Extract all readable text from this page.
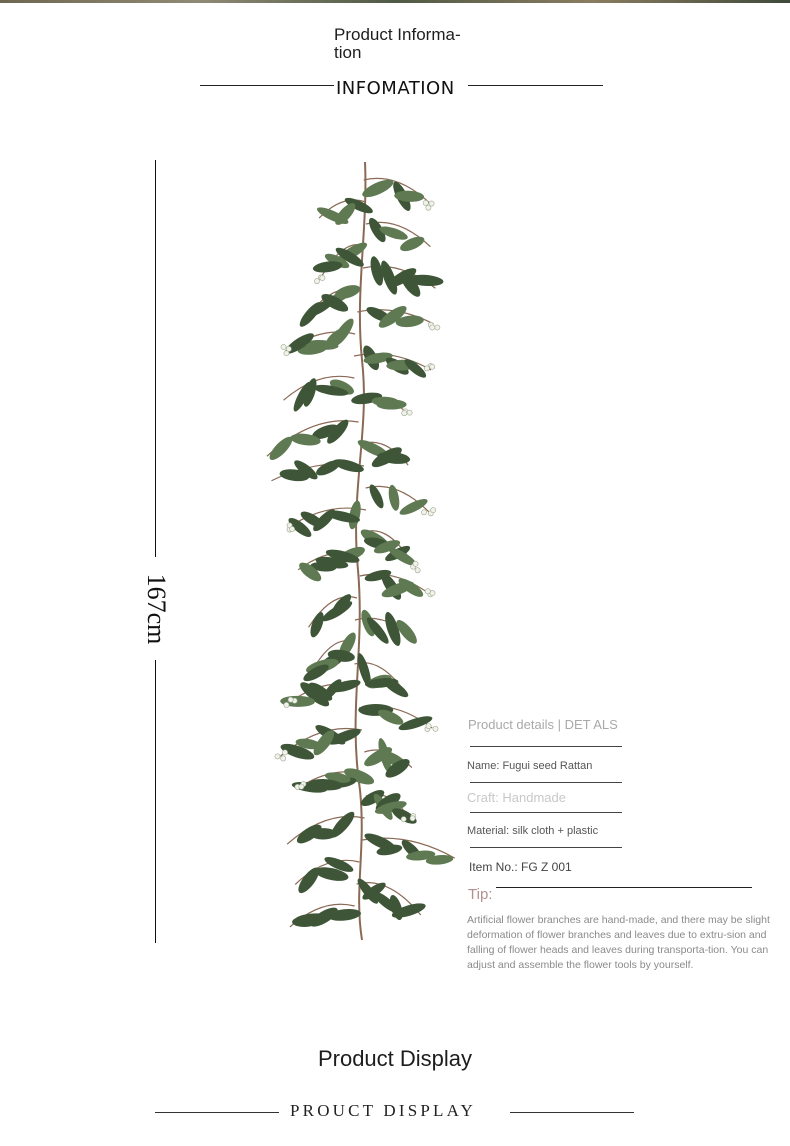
Product Informa-
tion
INFOMATION
167cm
Product details | DET ALS
Name: Fugui seed Rattan
Craft: Handmade
Material: silk cloth + plastic
Item No.: FG Z 001
Tip:
Artificial flower branches are hand-made, and there may be slight deformation of flower branches and leaves due to extru-sion and falling of flower heads and leaves during transporta-tion. You can adjust and assemble the flower tools by yourself.
Product Display
PROUCT DISPLAY
